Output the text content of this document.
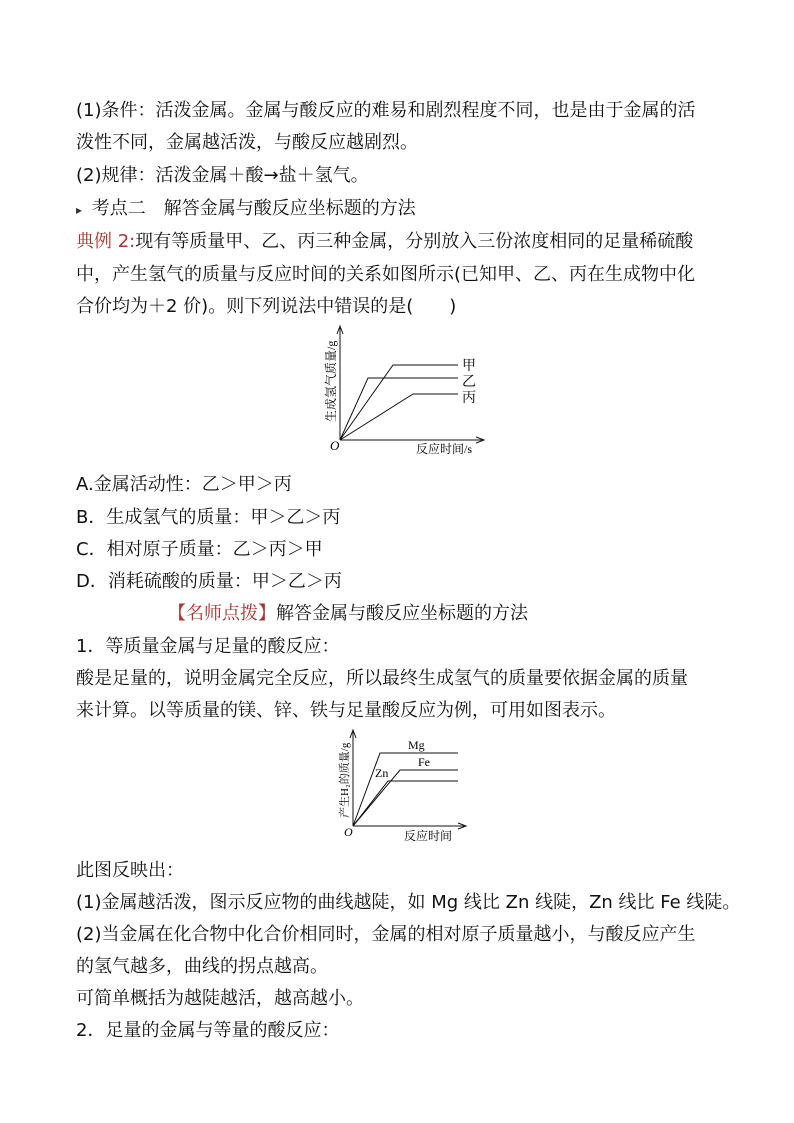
(1)条件：活泼金属。金属与酸反应的难易和剧烈程度不同，也是由于金属的活
泼性不同，金属越活泼，与酸反应越剧烈。
(2)规律：活泼金属＋酸→盐＋氢气。
▸ 考点二　解答金属与酸反应坐标题的方法
典例 2:现有等质量甲、乙、丙三种金属，分别放入三份浓度相同的足量稀硫酸
中，产生氢气的质量与反应时间的关系如图所示(已知甲、乙、丙在生成物中化
合价均为＋2 价)。则下列说法中错误的是(　　)
甲
乙
丙
O	反应时间/s
生成氢气质量/g
A.金属活动性：乙＞甲＞丙
B．生成氢气的质量：甲＞乙＞丙
C．相对原子质量：乙＞丙＞甲
D．消耗硫酸的质量：甲＞乙＞丙
【名师点拨】解答金属与酸反应坐标题的方法
1．等质量金属与足量的酸反应：
酸是足量的，说明金属完全反应，所以最终生成氢气的质量要依据金属的质量
来计算。以等质量的镁、锌、铁与足量酸反应为例，可用如图表示。
Mg
Fe
Zn
O	反应时间
产生H₂的质量/g
此图反映出：
(1)金属越活泼，图示反应物的曲线越陡，如 Mg 线比 Zn 线陡，Zn 线比 Fe 线陡。
(2)当金属在化合物中化合价相同时，金属的相对原子质量越小，与酸反应产生
的氢气越多，曲线的拐点越高。
可简单概括为越陡越活，越高越小。
2．足量的金属与等量的酸反应：
